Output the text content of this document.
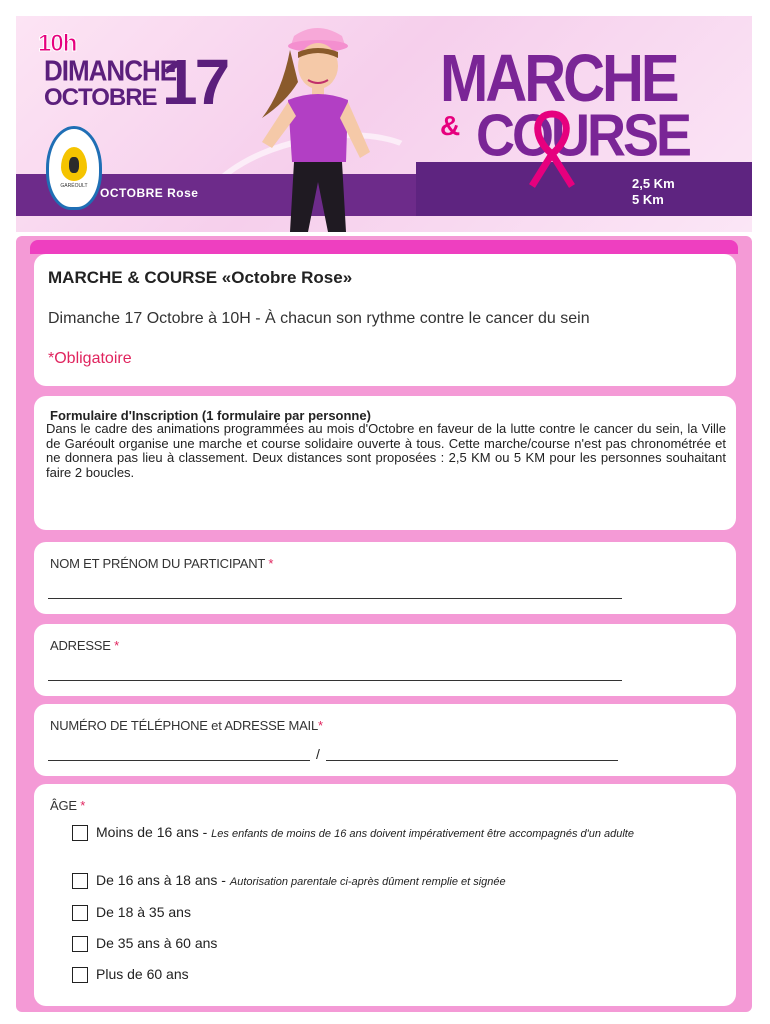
10h
DIMANCHE
OCTOBRE 17
GARÉOULT OCTOBRE Rose
MARCHE
& COURSE
2,5 Km
5 Km
MARCHE & COURSE «Octobre Rose»
Dimanche 17 Octobre à 10H - À chacun son rythme contre le cancer du sein
*Obligatoire
Formulaire d'Inscription (1 formulaire par personne)
Dans le cadre des animations programmées au mois d'Octobre en faveur de la lutte contre le cancer du sein, la Ville de Garéoult organise une marche et course solidaire ouverte à tous. Cette marche/course n'est pas chronométrée et ne donnera pas lieu à classement. Deux distances sont proposées : 2,5 KM ou 5 KM pour les personnes souhaitant faire 2 boucles.
NOM ET PRÉNOM DU PARTICIPANT *
ADRESSE *
NUMÉRO DE TÉLÉPHONE et ADRESSE MAIL*
/
ÂGE *
Moins de 16 ans - Les enfants de moins de 16 ans doivent impérativement être accompagnés d'un adulte
De 16 ans à 18 ans - Autorisation parentale ci-après dûment remplie et signée
De 18 à 35 ans
De 35 ans à 60 ans
Plus de 60 ans
